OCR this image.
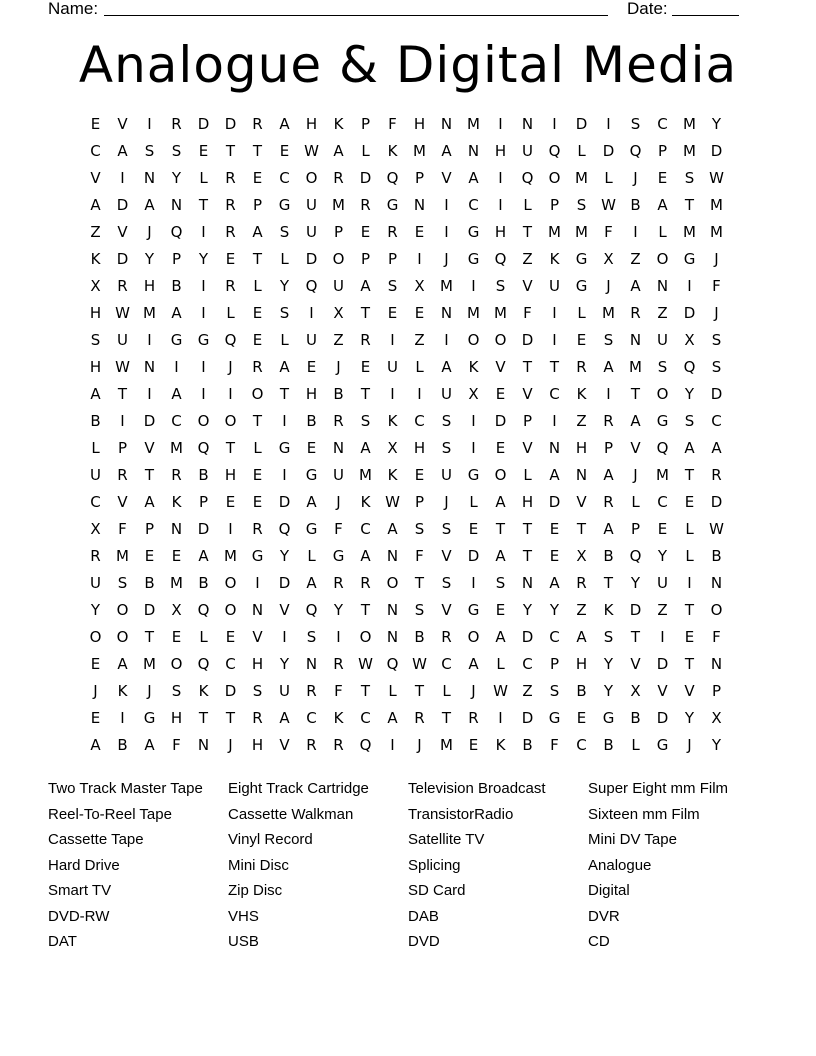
Name:	Date:
Analogue & Digital Media
E	V	I	R	D	D	R	A	H	K	P	F	H	N M	I	N	I	D	I	S	C	M	Y
C	A	S	S	E	T	T	E W A	L	K	M	A	N	H	U	Q	L	D	Q	P	M D
V	I	N	Y	L	R	E	C	O	R	D	Q	P	V	A	I	Q	O M	L	J	E	S W
A	D	A	N	T	R	P	G	U	M	R	G	N	I	C	I	L	P	S W B	A	T	M
Z	V	J	Q	I	R	A	S	U	P	E	R	E	I	G	H	T	M M	F	I	L	M M
K	D	Y	P	Y	E	T	L	D	O	P	P	I	J	G	Q	Z	K	G	X	Z	O	G	J
X	R	H	B	I	R	L	Y	Q	U	A	S	X	M	I	S	V	U	G	J	A	N	I	F
H W M	A	I	L	E	S	I	X	T	E	E	N M M	F	I	L	M	R	Z	D	J
S	U	I	G	G	Q	E	L	U	Z	R	I	Z	I	O	O	D	I	E	S	N	U	X	S
H W N	I	I	J	R	A	E	J	E	U	L	A	K	V	T	T	R	A	M	S	Q	S
A	T	I	A	I	I	O	T	H	B	T	I	I	U	X	E	V	C	K	I	T	O	Y	D
B	I	D	C	O	O	T	I	B	R	S	K	C	S	I	D	P	I	Z	R	A	G	S	C
L	P	V	M Q	T	L	G	E	N	A	X	H	S	I	E	V	N	H	P	V	Q	A	A
U	R	T	R	B	H	E	I	G	U	M	K	E	U	G	O	L	A	N	A	J	M	T	R
C	V	A	K	P	E	E	D	A	J	K W	P	J	L	A	H	D	V	R	L	C	E	D
X	F	P	N	D	I	R	Q	G	F	C	A	S	S	E	T	T	E	T	A	P	E	L	W
R	M	E	E	A	M G	Y	L	G	A	N	F	V	D	A	T	E	X	B	Q	Y	L	B
U	S	B	M	B	O	I	D	A	R	R	O	T	S	I	S	N	A	R	T	Y	U	I	N
Y	O	D	X	Q	O	N	V	Q	Y	T	N	S	V	G	E	Y	Y	Z	K	D	Z	T	O
O	O	T	E	L	E	V	I	S	I	O	N	B	R	O	A	D	C	A	S	T	I	E	F
E	A	M O	Q	C	H	Y	N	R W Q W C	A	L	C	P	H	Y	V	D	T	N
J	K	J	S	K	D	S	U	R	F	T	L	T	L	J	W Z	S	B	Y	X	V	V	P
E	I	G	H	T	T	R	A	C	K	C	A	R	T	R	I	D	G	E	G	B	D	Y	X
A	B	A	F	N	J	H	V	R	R	Q	I	J	M	E	K	B	F	C	B	L	G	J	Y
Two Track Master Tape
Reel-To-Reel Tape
Cassette Tape
Hard Drive
Smart TV
DVD-RW
DAT
Eight Track Cartridge
Cassette Walkman
Vinyl Record
Mini Disc
Zip Disc
VHS
USB
Television Broadcast
TransistorRadio
Satellite TV
Splicing
SD Card
DAB
DVD
Super Eight mm Film
Sixteen mm Film
Mini DV Tape
Analogue
Digital
DVR
CD
